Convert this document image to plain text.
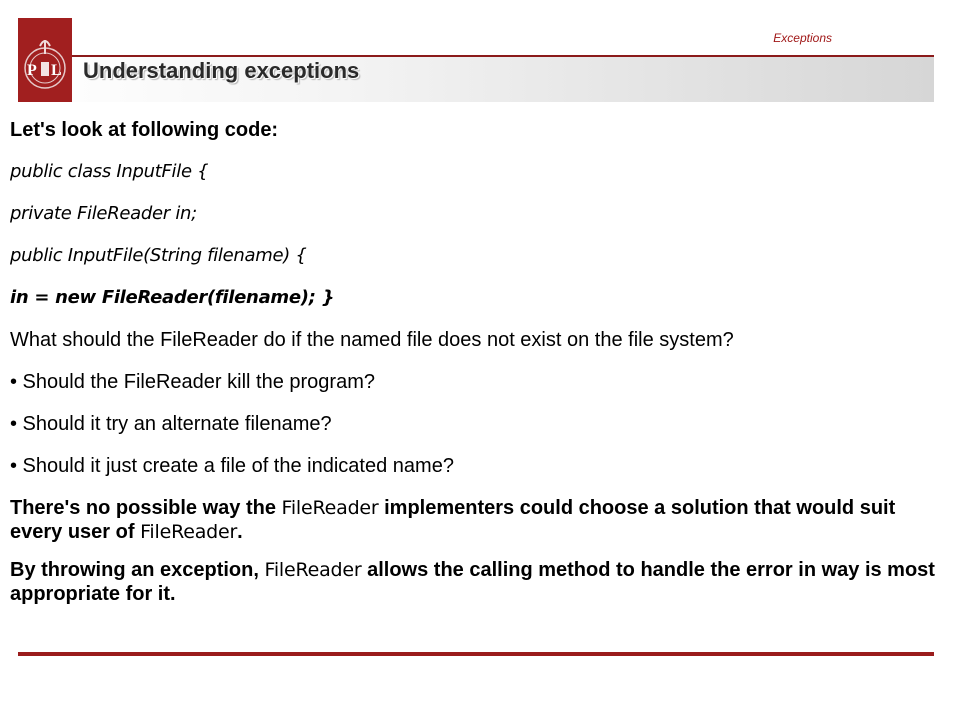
P L
Exceptions
Understanding exceptions

Let's look at following code:

public class InputFile {

private FileReader in;

public InputFile(String filename) {

in = new FileReader(filename); }

What should the FileReader do if the named file does not exist on the file system?

• Should the FileReader kill the program?

• Should it try an alternate filename?

• Should it just create a file of the indicated name?

There's no possible way the FileReader implementers could choose a solution that would suit every user of FileReader.

By throwing an exception, FileReader allows the calling method to handle the error in way is most appropriate for it.
